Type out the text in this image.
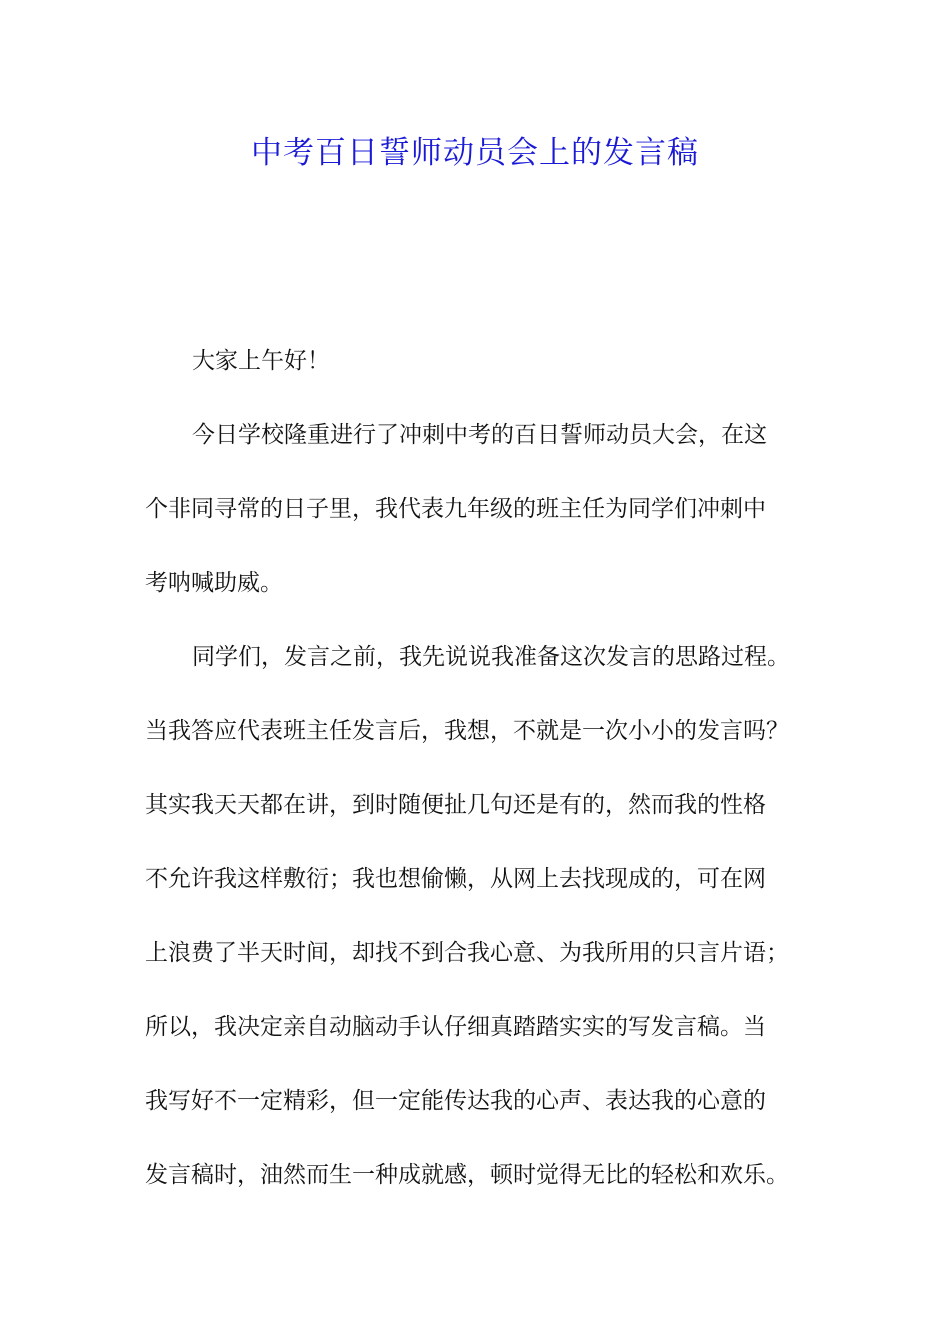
中考百日誓师动员会上的发言稿
大家上午好！
今日学校隆重进行了冲刺中考的百日誓师动员大会，在这
个非同寻常的日子里，我代表九年级的班主任为同学们冲刺中
考呐喊助威。
同学们，发言之前，我先说说我准备这次发言的思路过程。
当我答应代表班主任发言后，我想，不就是一次小小的发言吗？
其实我天天都在讲，到时随便扯几句还是有的，然而我的性格
不允许我这样敷衍；我也想偷懒，从网上去找现成的，可在网
上浪费了半天时间，却找不到合我心意、为我所用的只言片语；
所以，我决定亲自动脑动手认仔细真踏踏实实的写发言稿。当
我写好不一定精彩，但一定能传达我的心声、表达我的心意的
发言稿时，油然而生一种成就感，顿时觉得无比的轻松和欢乐。
